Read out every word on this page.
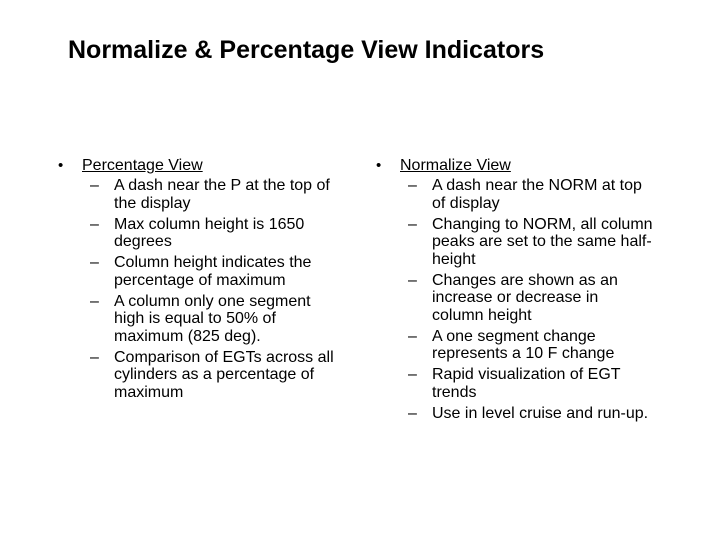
Normalize & Percentage View Indicators
• Percentage View
– A dash near the P at the top of the display
– Max column height is 1650 degrees
– Column height indicates the percentage of maximum
– A column only one segment high is equal to 50% of maximum (825 deg).
– Comparison of EGTs across all cylinders as a percentage of maximum
• Normalize View
– A dash near the NORM at top of display
– Changing to NORM, all column peaks are set to the same half-height
– Changes are shown as an increase or decrease in column height
– A one segment change represents a 10 F change
– Rapid visualization of EGT trends
– Use in level cruise and run-up.
